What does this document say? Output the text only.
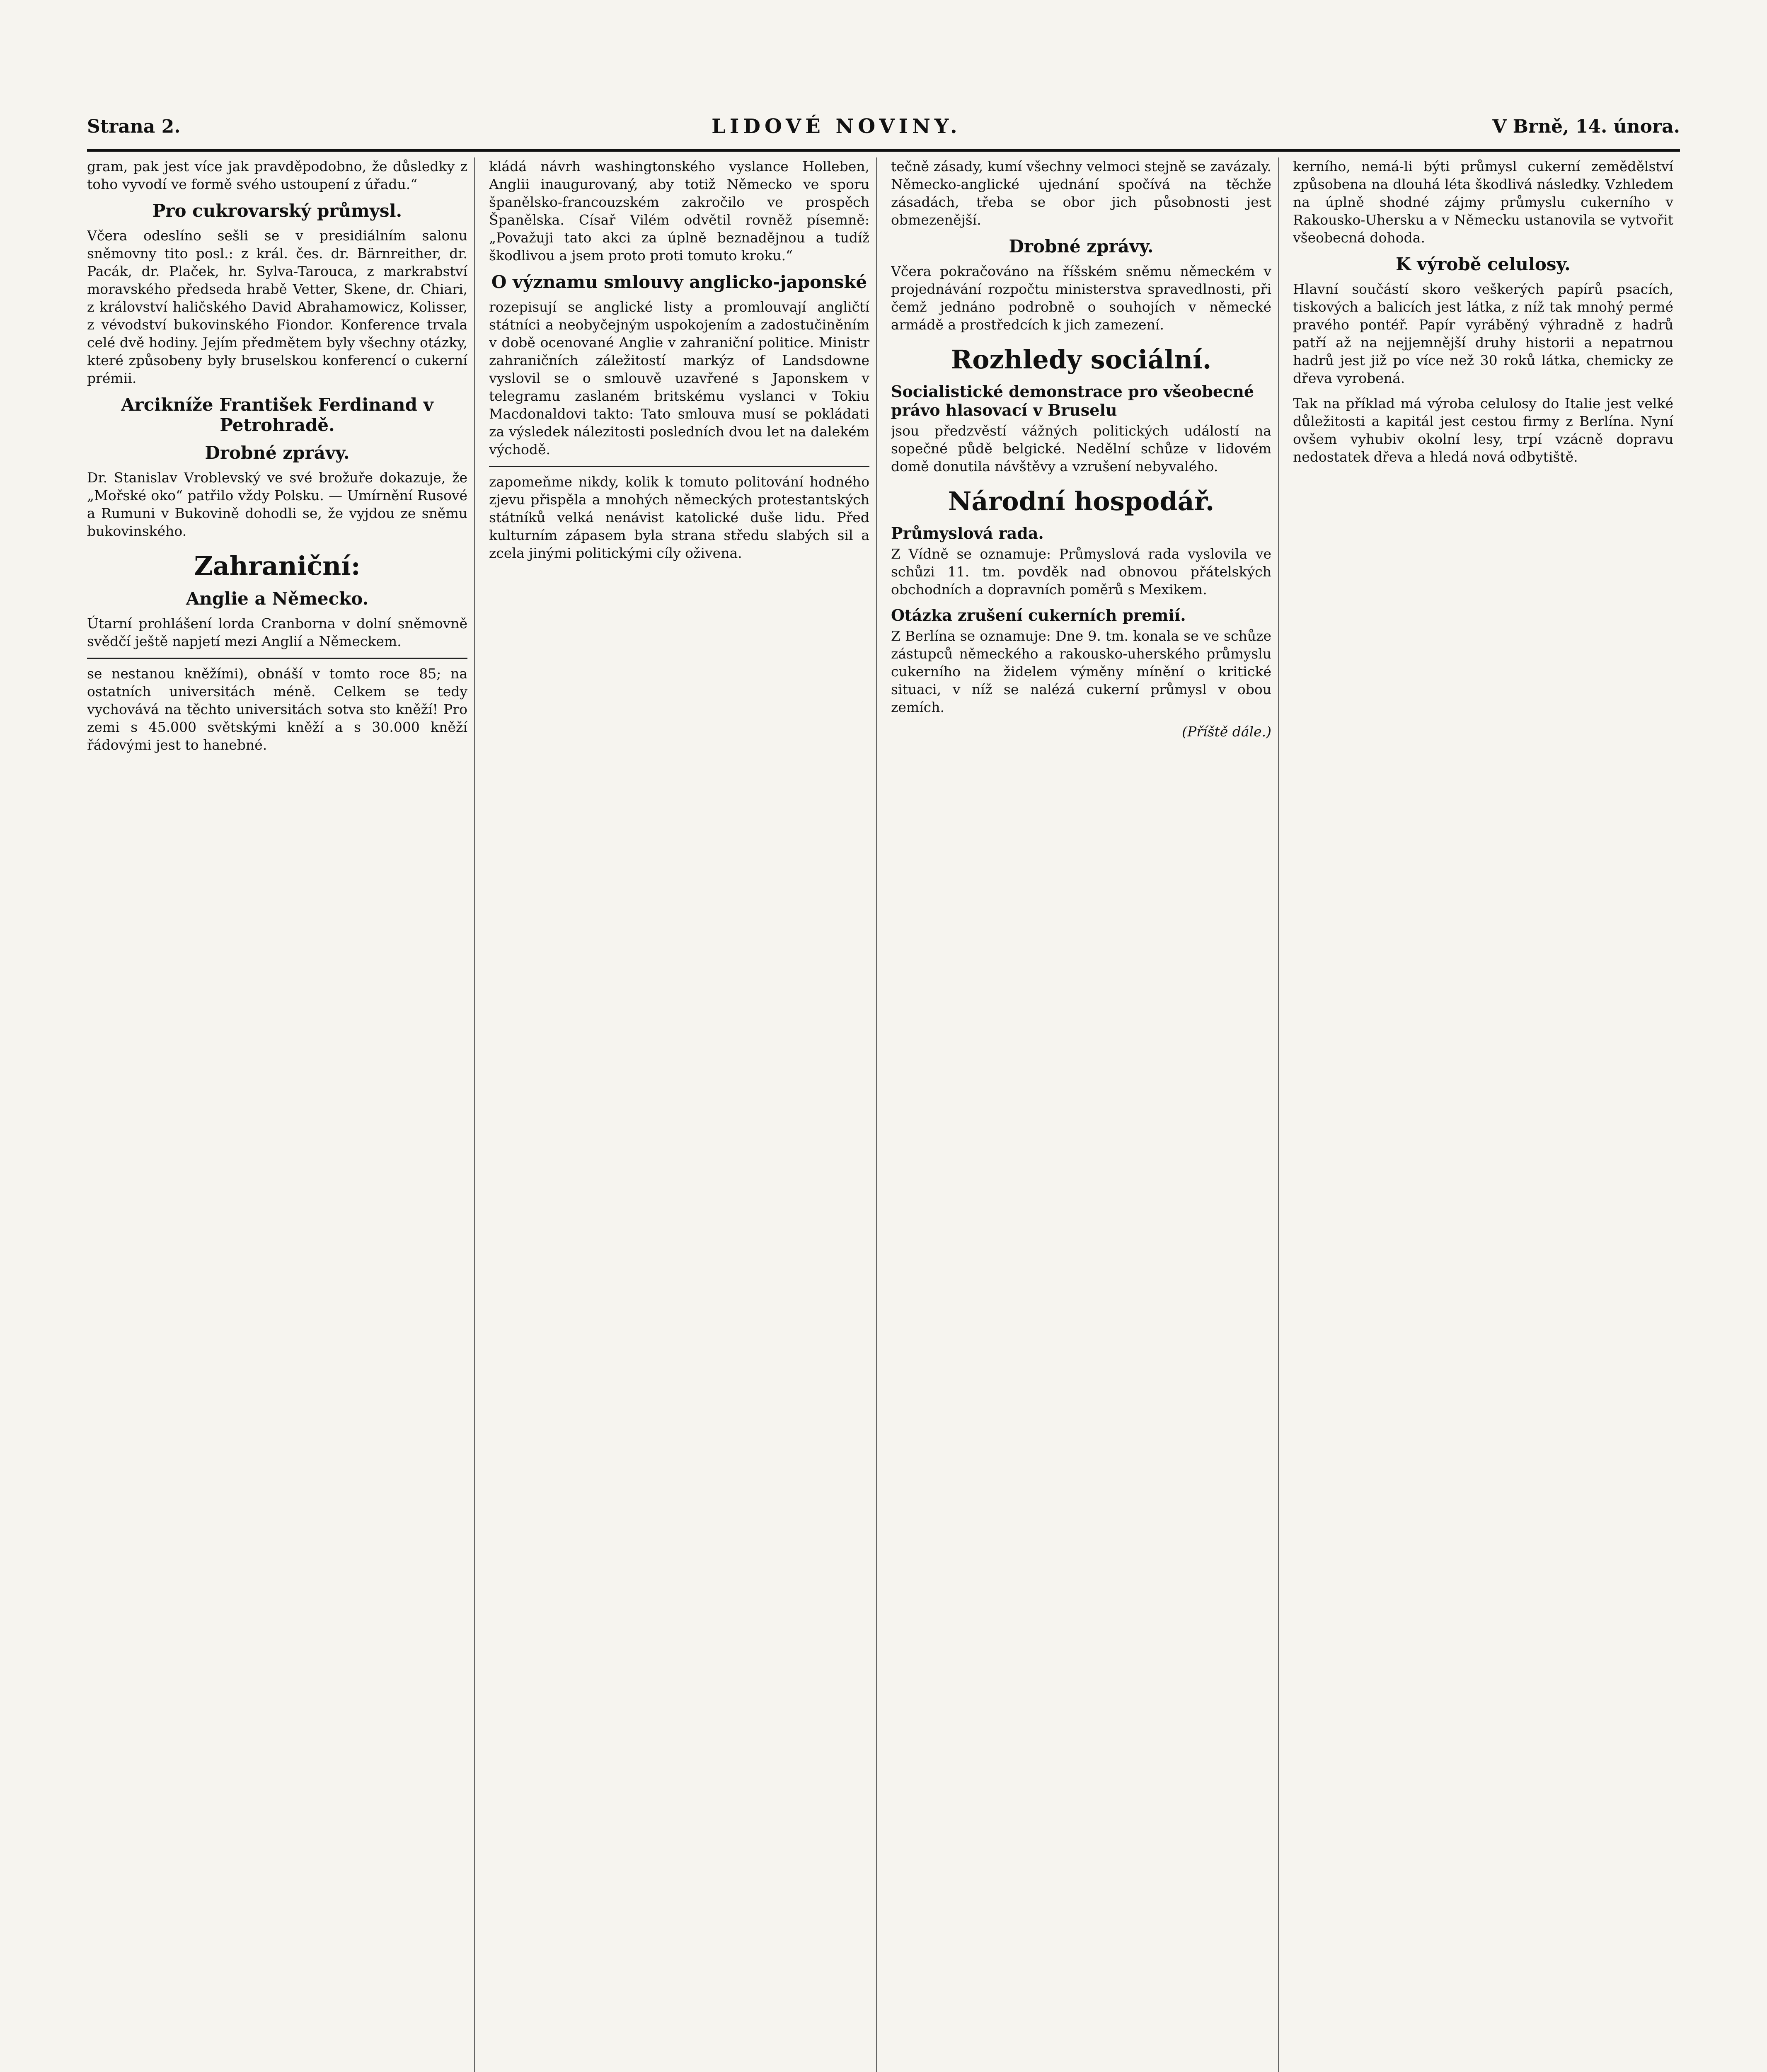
Strana 2.	LIDOVÉ NOVINY.	V Brně, 14. února.

gram, pak jest více jak pravděpodobno, že důsledky z toho vyvodí ve formě svého ustoupení z úřadu.“

Pro cukrovarský průmysl.

Včera odeslíno sešli se v presidiálním salonu sněmovny tito posl.: z král. čes. dr. Bärnreither, dr. Pacák, dr. Plaček, hr. Sylva-Tarouca, z markrabství moravského předseda hrabě Vetter, Skene, dr. Chiari, z království haličského David Abrahamowicz, Kolisser, z vévodství bukovinského Fiondor. Konference trvala celé dvě hodiny. Jejím předmětem byly všechny otázky, které způsobeny byly bruselskou konferencí o cukerní prémii.

Arcikníže František Ferdinand v Petrohradě.
Drobné zprávy.

Dr. Stanislav Vroblevský ve své brožuře dokazuje, že „Mořské oko“ patřilo vždy Polsku. — Umírnění Rusové a Rumuni v Bukovině dohodli se, že vyjdou ze sněmu bukovinského.

Zahraniční:
Anglie a Německo.

Útarní prohlášení lorda Cranborna v dolní sněmovně svědčí ještě napjetí mezi Anglií a Německem.

se nestanou kněžími), obnáší v tomto roce 85; na ostatních universitách méně. Celkem se tedy vychovává na těchto universitách sotva sto kněží! Pro zemi s 45.000 světskými kněží a s 30.000 kněží řádovými jest to hanebné.

kládá návrh washingtonského vyslance Holleben, Anglii inaugurovaný, aby totiž Německo ve sporu španělsko-francouzském zakročilo ve prospěch Španělska. Císař Vilém odvětil rovněž písemně: „Považuji tato akci za úplně beznadějnou a tudíž škodlivou a jsem proto proti tomuto kroku.“

O významu smlouvy anglicko-japonské

rozepisují se anglické listy a promlouvají angličtí státníci a neobyčejným uspokojením a zadostučiněním v době ocenované Anglie v zahraniční politice. Ministr zahraničních záležitostí markýz of Landsdowne vyslovil se o smlouvě uzavřené s Japonskem v telegramu zaslaném britskému vyslanci v Tokiu Macdonaldovi takto: Tato smlouva musí se pokládati za výsledek nálezitosti posledních dvou let na dalekém východě.

zapomeňme nikdy, kolik k tomuto politování hodného zjevu přispěla a mnohých německých protestantských státníků velká nenávist katolické duše lidu. Před kulturním zápasem byla strana středu slabých sil a zcela jinými politickými cíly oživena.

tečně zásady, kumí všechny velmoci stejně se zavázaly. Německo-anglické ujednání spočívá na těchže zásadách, třeba se obor jich působnosti jest obmezenější.

Drobné zprávy.

Včera pokračováno na říšském sněmu německém v projednávání rozpočtu ministerstva spravedlnosti, při čemž jednáno podrobně o souhojích v německé armádě a prostředcích k jich zamezení.

Rozhledy sociální.
Socialistické demonstrace pro všeobecné právo hlasovací v Bruselu

jsou předzvěstí vážných politických událostí na sopečné půdě belgické. Nedělní schůze v lidovém domě donutila návštěvy a vzrušení nebyvalého.

Národní hospodář.
Průmyslová rada.

Z Vídně se oznamuje: Průmyslová rada vyslovila ve schůzi 11. tm. povděk nad obnovou přátelských obchodních a dopravních poměrů s Mexikem.

Otázka zrušení cukerních premií.

Z Berlína se oznamuje: Dne 9. tm. konala se ve schůze zástupců německého a rakousko-uherského průmyslu cukerního na židelem výměny mínění o kritické situaci, v níž se nalézá cukerní průmysl v obou zemích.

(Příště dále.)

kerního, nemá-li býti průmysl cukerní zemědělství způsobena na dlouhá léta škodlivá následky. Vzhledem na úplně shodné zájmy průmyslu cukerního v Rakousko-Uhersku a v Německu ustanovila se vytvořit všeobecná dohoda.

K výrobě celulosy.

Hlavní součástí skoro veškerých papírů psacích, tiskových a balicích jest látka, z níž tak mnohý permé pravého pontéř. Papír vyráběný výhradně z hadrů patří až na nejjemnější druhy historii a nepatrnou hadrů jest již po více než 30 roků látka, chemicky ze dřeva vyrobená.

Tak na příklad má výroba celulosy do Italie jest velké důležitosti a kapitál jest cestou firmy z Berlína. Nyní ovšem vyhubiv okolní lesy, trpí vzácně dopravu nedostatek dřeva a hledá nová odbytiště.
